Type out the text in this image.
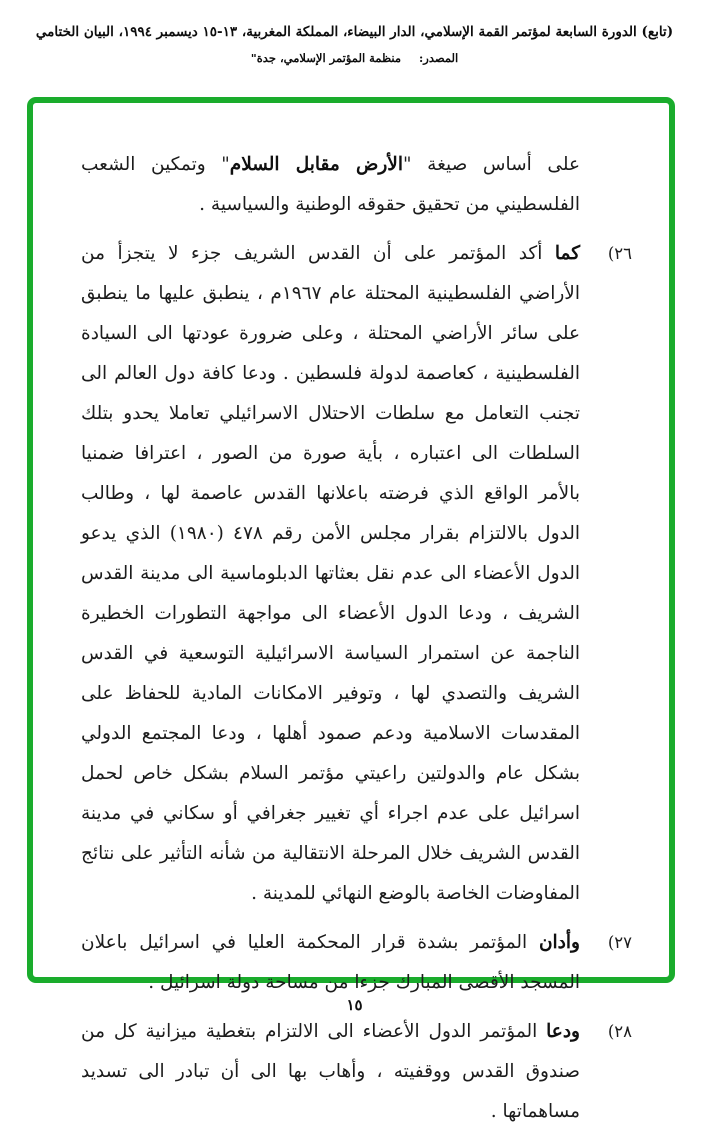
(تابع) الدورة السابعة لمؤتمر القمة الإسلامي، الدار البيضاء، المملكة المغربية، ١٣-١٥ ديسمبر ١٩٩٤، البيان الختامي
المصدر: منظمة المؤتمر الإسلامي، جدة"

على أساس صيغة "الأرض مقابل السلام" وتمكين الشعب الفلسطيني من تحقيق حقوقه الوطنية والسياسية .

(٢٦
كما أكد المؤتمر على أن القدس الشريف جزء لا يتجزأ من الأراضي الفلسطينية المحتلة عام ١٩٦٧م ، ينطبق عليها ما ينطبق على سائر الأراضي المحتلة ، وعلى ضرورة عودتها الى السيادة الفلسطينية ، كعاصمة لدولة فلسطين . ودعا كافة دول العالم الى تجنب التعامل مع سلطات الاحتلال الاسرائيلي تعاملا يحدو بتلك السلطات الى اعتباره ، بأية صورة من الصور ، اعترافا ضمنيا بالأمر الواقع الذي فرضته باعلانها القدس عاصمة لها ، وطالب الدول بالالتزام بقرار مجلس الأمن رقم ٤٧٨ (١٩٨٠) الذي يدعو الدول الأعضاء الى عدم نقل بعثاتها الدبلوماسية الى مدينة القدس الشريف ، ودعا الدول الأعضاء الى مواجهة التطورات الخطيرة الناجمة عن استمرار السياسة الاسرائيلية التوسعية في القدس الشريف والتصدي لها ، وتوفير الامكانات المادية للحفاظ على المقدسات الاسلامية ودعم صمود أهلها ، ودعا المجتمع الدولي بشكل عام والدولتين راعيتي مؤتمر السلام بشكل خاص لحمل اسرائيل على عدم اجراء أي تغيير جغرافي أو سكاني في مدينة القدس الشريف خلال المرحلة الانتقالية من شأنه التأثير على نتائج المفاوضات الخاصة بالوضع النهائي للمدينة .

(٢٧
وأدان المؤتمر بشدة قرار المحكمة العليا في اسرائيل باعلان المسجد الأقصى المبارك جزءا من مساحة دولة اسرائيل .

(٢٨
ودعا المؤتمر الدول الأعضاء الى الالتزام بتغطية ميزانية كل من صندوق القدس ووقفيته ، وأهاب بها الى أن تبادر الى تسديد مساهماتها .

١٥
